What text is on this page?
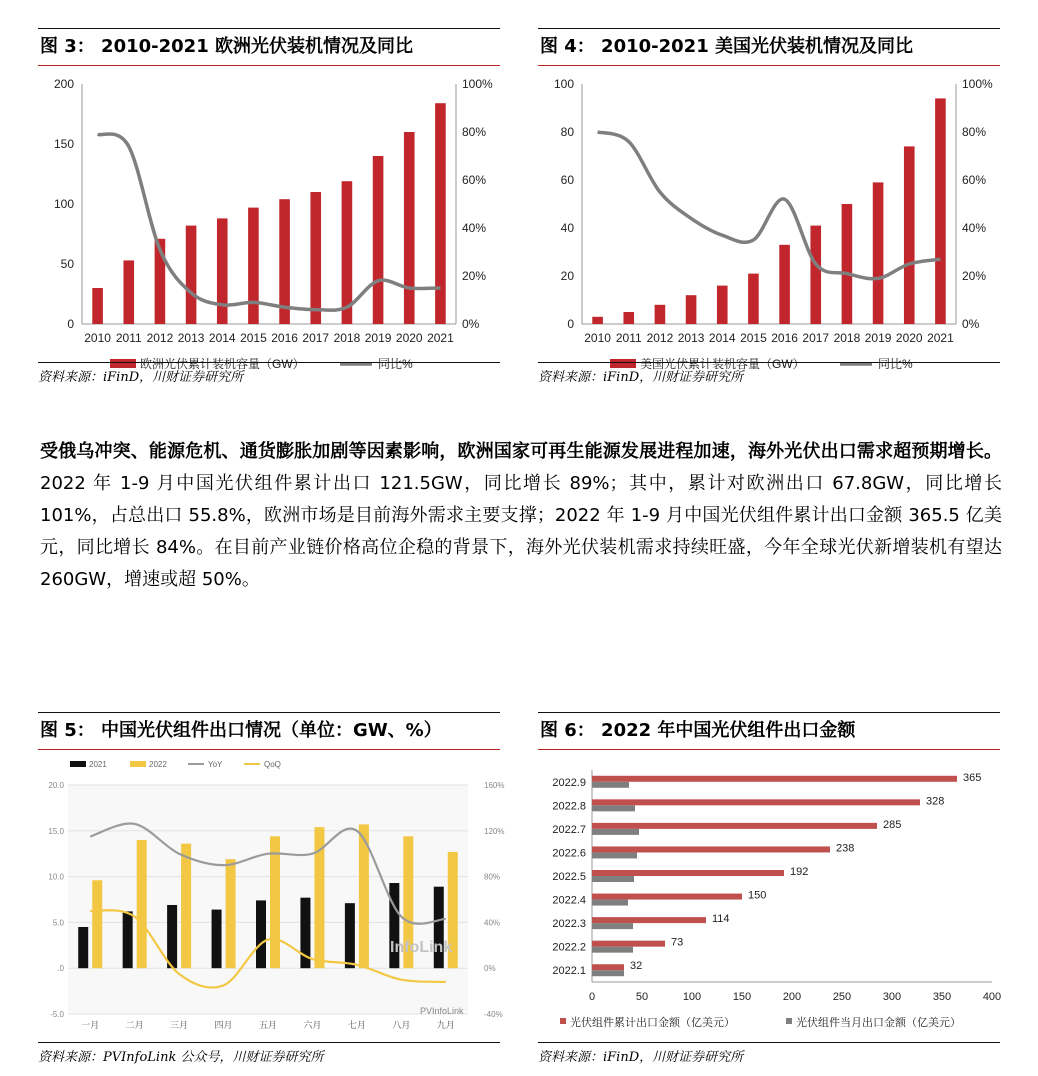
图 3： 2010-2021 欧洲光伏装机情况及同比
0
50
100
150
200
0%
20%
40%
60%
80%
100%
2010 2011 2012 2013 2014 2015 2016 2017 2018 2019 2020 2021
欧洲光伏累计装机容量（GW）	同比%
资料来源：iFinD，川财证券研究所
图 4： 2010-2021 美国光伏装机情况及同比
0
20
40
60
80
100
0%
20%
40%
60%
80%
100%
2010 2011 2012 2013 2014 2015 2016 2017 2018 2019 2020 2021
美国光伏累计装机容量（GW）	同比%
资料来源：iFinD，川财证券研究所
受俄乌冲突、能源危机、通货膨胀加剧等因素影响，欧洲国家可再生能源发展进程加速，海外光伏出口需求超预期增长。2022 年 1-9 月中国光伏组件累计出口 121.5GW，同比增长 89%；其中，累计对欧洲出口 67.8GW，同比增长 101%，占总出口 55.8%，欧洲市场是目前海外需求主要支撑；2022 年 1-9 月中国光伏组件累计出口金额 365.5 亿美元，同比增长 84%。在目前产业链价格高位企稳的背景下，海外光伏装机需求持续旺盛，今年全球光伏新增装机有望达 260GW，增速或超 50%。
图 5： 中国光伏组件出口情况（单位：GW、%）
-5.0
.0
5.0
10.0
15.0
20.0
-40%
0%
40%
80%
120%
160%
一月	二月	三月	四月	五月	六月	七月	八月	九月
InfoLink
PVInfoLink
2021	2022	YoY	QoQ
资料来源：PVInfoLink 公众号，川财证券研究所
图 6： 2022 年中国光伏组件出口金额
0	50	100	150	200	250	300	350	400
2022.9	365
2022.8	328
2022.7	285
2022.6	238
2022.5	192
2022.4	150
2022.3	114
2022.2	73
2022.1	32
光伏组件累计出口金额（亿美元）	光伏组件当月出口金额（亿美元）
资料来源：iFinD，川财证券研究所
